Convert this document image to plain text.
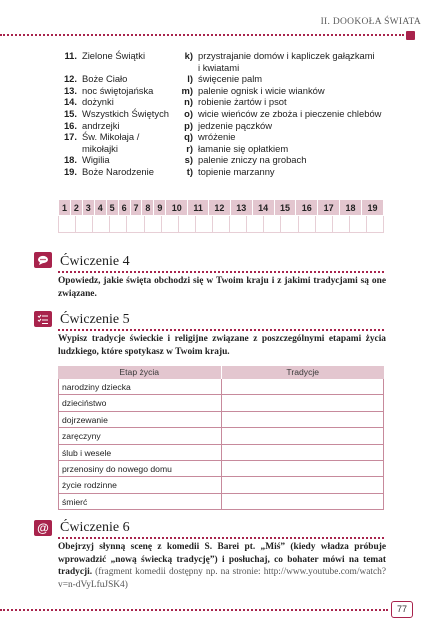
II. DOOKOŁA ŚWIATA
11. Zielone Świątki	k) przystrajanie domów i kapliczek gałązkami
i kwiatami
12. Boże Ciało	l) święcenie palm
13. noc świętojańska	m) palenie ognisk i wicie wianków
14. dożynki	n) robienie żartów i psot
15. Wszystkich Świętych	o) wicie wieńców ze zboża i pieczenie chlebów
16. andrzejki	p) jedzenie pączków
17. Św. Mikołaja /	q) wróżenie
mikołajki	r) łamanie się opłatkiem
18. Wigilia	s) palenie zniczy na grobach
19. Boże Narodzenie	t) topienie marzanny
1	2	3	4	5	6	7	8	9	10	11	12	13	14	15	16	17	18	19
Ćwiczenie 4
Opowiedz, jakie święta obchodzi się w Twoim kraju i z jakimi tradycjami są one związane.
Ćwiczenie 5
Wypisz tradycje świeckie i religijne związane z poszczególnymi etapami życia ludzkiego, które spotykasz w Twoim kraju.
Etap życia	Tradycje
narodziny dziecka
dzieciństwo
dojrzewanie
zaręczyny
ślub i wesele
przenosiny do nowego domu
życie rodzinne
śmierć
@ Ćwiczenie 6
Obejrzyj słynną scenę z komedii S. Barei pt. „Miś” (kiedy władza próbuje wprowadzić „nową świecką tradycję”) i posłuchaj, co bohater mówi na temat tradycji. (fragment komedii dostępny np. na stronie: http://www.youtube.com/watch?v=n-dVyLfuJSK4)
77
